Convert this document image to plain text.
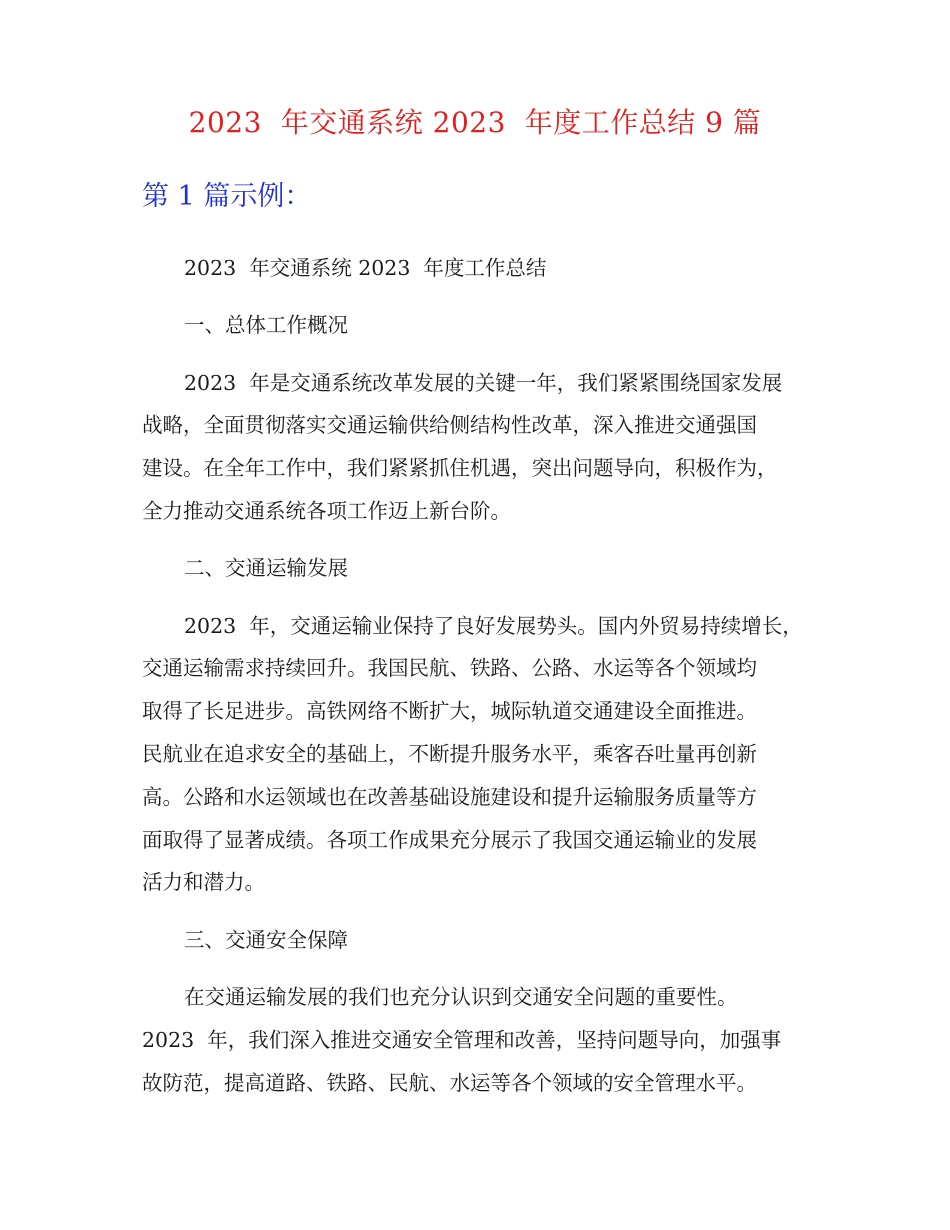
2023  年交通系统 2023  年度工作总结 9 篇
第 1 篇示例：
2023  年交通系统 2023  年度工作总结
一、总体工作概况
2023  年是交通系统改革发展的关键一年，我们紧紧围绕国家发展
战略，全面贯彻落实交通运输供给侧结构性改革，深入推进交通强国
建设。在全年工作中，我们紧紧抓住机遇，突出问题导向，积极作为，
全力推动交通系统各项工作迈上新台阶。
二、交通运输发展
2023  年，交通运输业保持了良好发展势头。国内外贸易持续增长，
交通运输需求持续回升。我国民航、铁路、公路、水运等各个领域均
取得了长足进步。高铁网络不断扩大，城际轨道交通建设全面推进。
民航业在追求安全的基础上，不断提升服务水平，乘客吞吐量再创新
高。公路和水运领域也在改善基础设施建设和提升运输服务质量等方
面取得了显著成绩。各项工作成果充分展示了我国交通运输业的发展
活力和潜力。
三、交通安全保障
在交通运输发展的我们也充分认识到交通安全问题的重要性。
2023  年，我们深入推进交通安全管理和改善，坚持问题导向，加强事
故防范，提高道路、铁路、民航、水运等各个领域的安全管理水平。
